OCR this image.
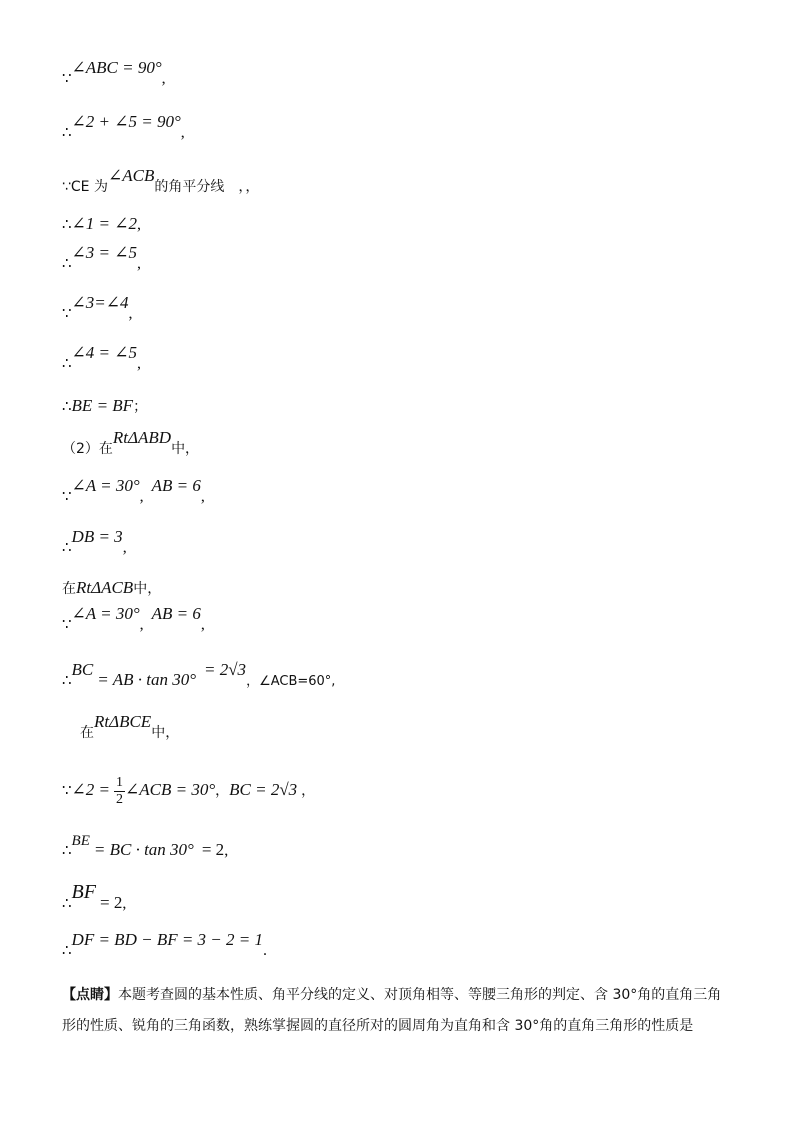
∵∠ABC = 90°,
∴∠2 + ∠5 = 90°,
∵CE 为∠ACB的角平分线　，，
∴∠1 = ∠2,
∴∠3 = ∠5,
∵∠3=∠4,
∴∠4 = ∠5,
∴BE = BF；
（2）在RtΔABD中，
∵∠A = 30°,  AB = 6,
∴DB = 3,
在RtΔACB中，
∵∠A = 30°,  AB = 6,
∴BC = AB · tan 30°  = 2√3，∠ACB=60°,
在RtΔBCE中，
∵∠2 = $\frac{1}{2}$ ∠ACB = 30°，BC = 2√3 ，
∴BE = BC · tan 30° = 2,
∴BF = 2,
∴DF = BD − BF = 3 − 2 = 1.
【点睛】本题考查圆的基本性质、角平分线的定义、对顶角相等、等腰三角形的判定、含 30°角的直角三角形的性质、锐角的三角函数，熟练掌握圆的直径所对的圆周角为直角和含 30°角的直角三角形的性质是
